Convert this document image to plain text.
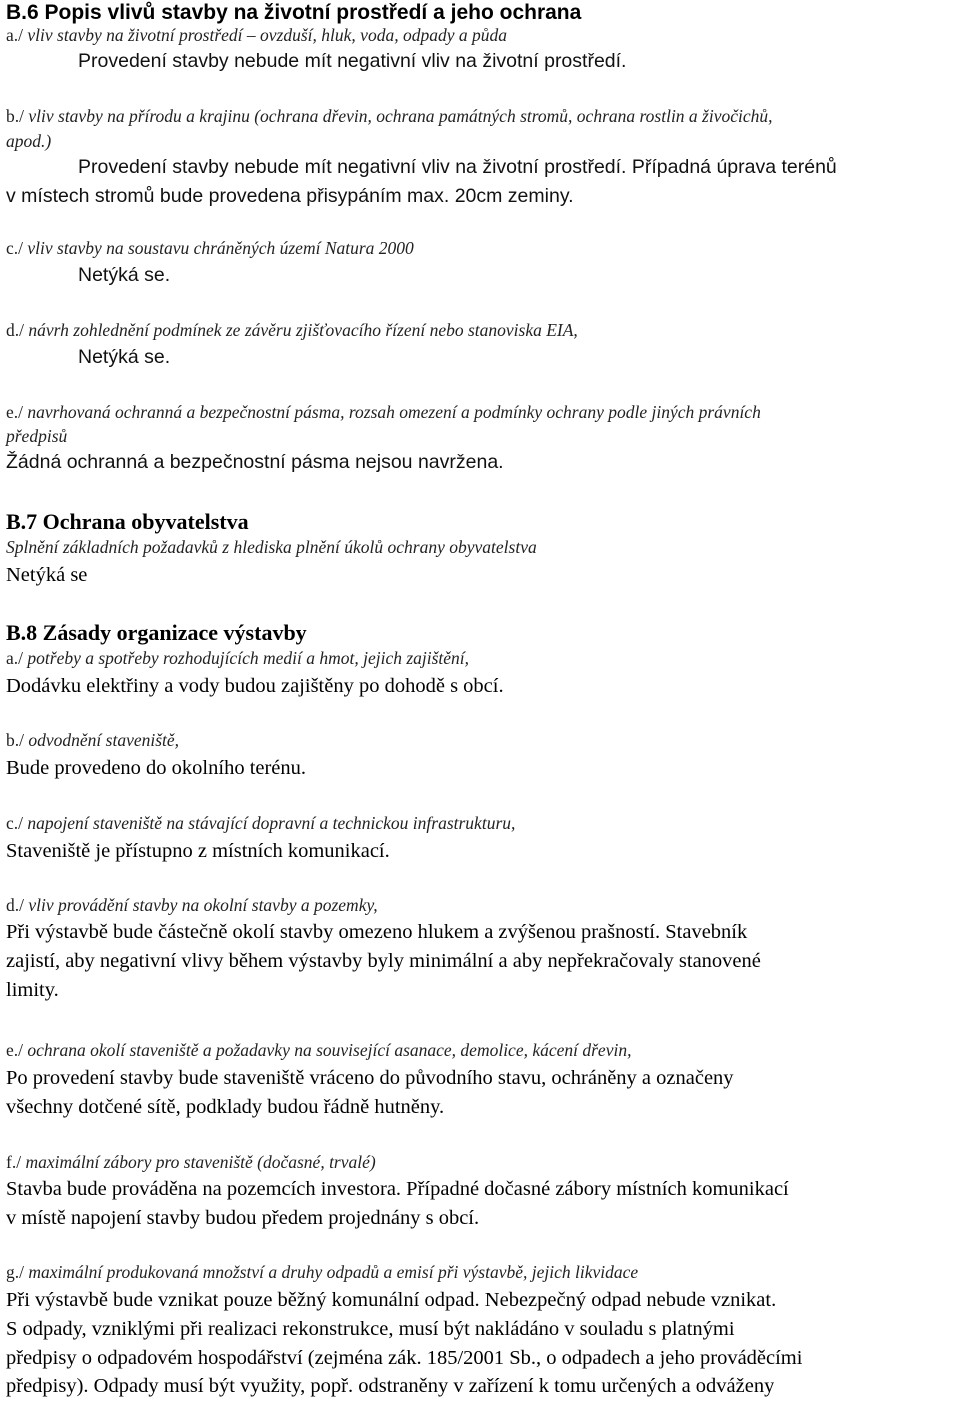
B.6 Popis vlivů stavby na životní prostředí a jeho ochrana
a./ vliv stavby na životní prostředí – ovzduší, hluk, voda, odpady a půda
Provedení stavby nebude mít negativní vliv na životní prostředí.
b./ vliv stavby na přírodu a krajinu (ochrana dřevin, ochrana památných stromů, ochrana rostlin a živočichů,
apod.)
Provedení stavby nebude mít negativní vliv na životní prostředí. Případná úprava terénů
v místech stromů bude provedena přisypáním max. 20cm zeminy.
c./ vliv stavby na soustavu chráněných území Natura 2000
Netýká se.
d./ návrh zohlednění podmínek ze závěru zjišťovacího řízení nebo stanoviska EIA,
Netýká se.
e./ navrhovaná ochranná a bezpečnostní pásma, rozsah omezení a podmínky ochrany podle jiných právních
předpisů
Žádná ochranná a bezpečnostní pásma nejsou navržena.
B.7 Ochrana obyvatelstva
Splnění základních požadavků z hlediska plnění úkolů ochrany obyvatelstva
Netýká se
B.8 Zásady organizace výstavby
a./ potřeby a spotřeby rozhodujících medií a hmot, jejich zajištění,
Dodávku elektřiny a vody budou zajištěny po dohodě s obcí.
b./ odvodnění staveniště,
Bude provedeno do okolního terénu.
c./ napojení staveniště na stávající dopravní a technickou infrastrukturu,
Staveniště je přístupno z místních komunikací.
d./ vliv provádění stavby na okolní stavby a pozemky,
Při výstavbě bude částečně okolí stavby omezeno hlukem a zvýšenou prašností. Stavebník
zajistí, aby negativní vlivy během výstavby byly minimální a aby nepřekračovaly stanovené
limity.
e./ ochrana okolí staveniště a požadavky na související asanace, demolice, kácení dřevin,
Po provedení stavby bude staveniště vráceno do původního stavu, ochráněny a označeny
všechny dotčené sítě, podklady budou řádně hutněny.
f./ maximální zábory pro staveniště (dočasné, trvalé)
Stavba bude prováděna na pozemcích investora. Případné dočasné zábory místních komunikací
v místě napojení stavby budou předem projednány s obcí.
g./ maximální produkovaná množství a druhy odpadů a emisí při výstavbě, jejich likvidace
Při výstavbě bude vznikat pouze běžný komunální odpad. Nebezpečný odpad nebude vznikat.
S odpady, vzniklými při realizaci rekonstrukce, musí být nakládáno v souladu s platnými
předpisy o odpadovém hospodářství (zejména zák. 185/2001 Sb., o odpadech a jeho prováděcími
předpisy). Odpady musí být využity, popř. odstraněny v zařízení k tomu určených a odváženy
